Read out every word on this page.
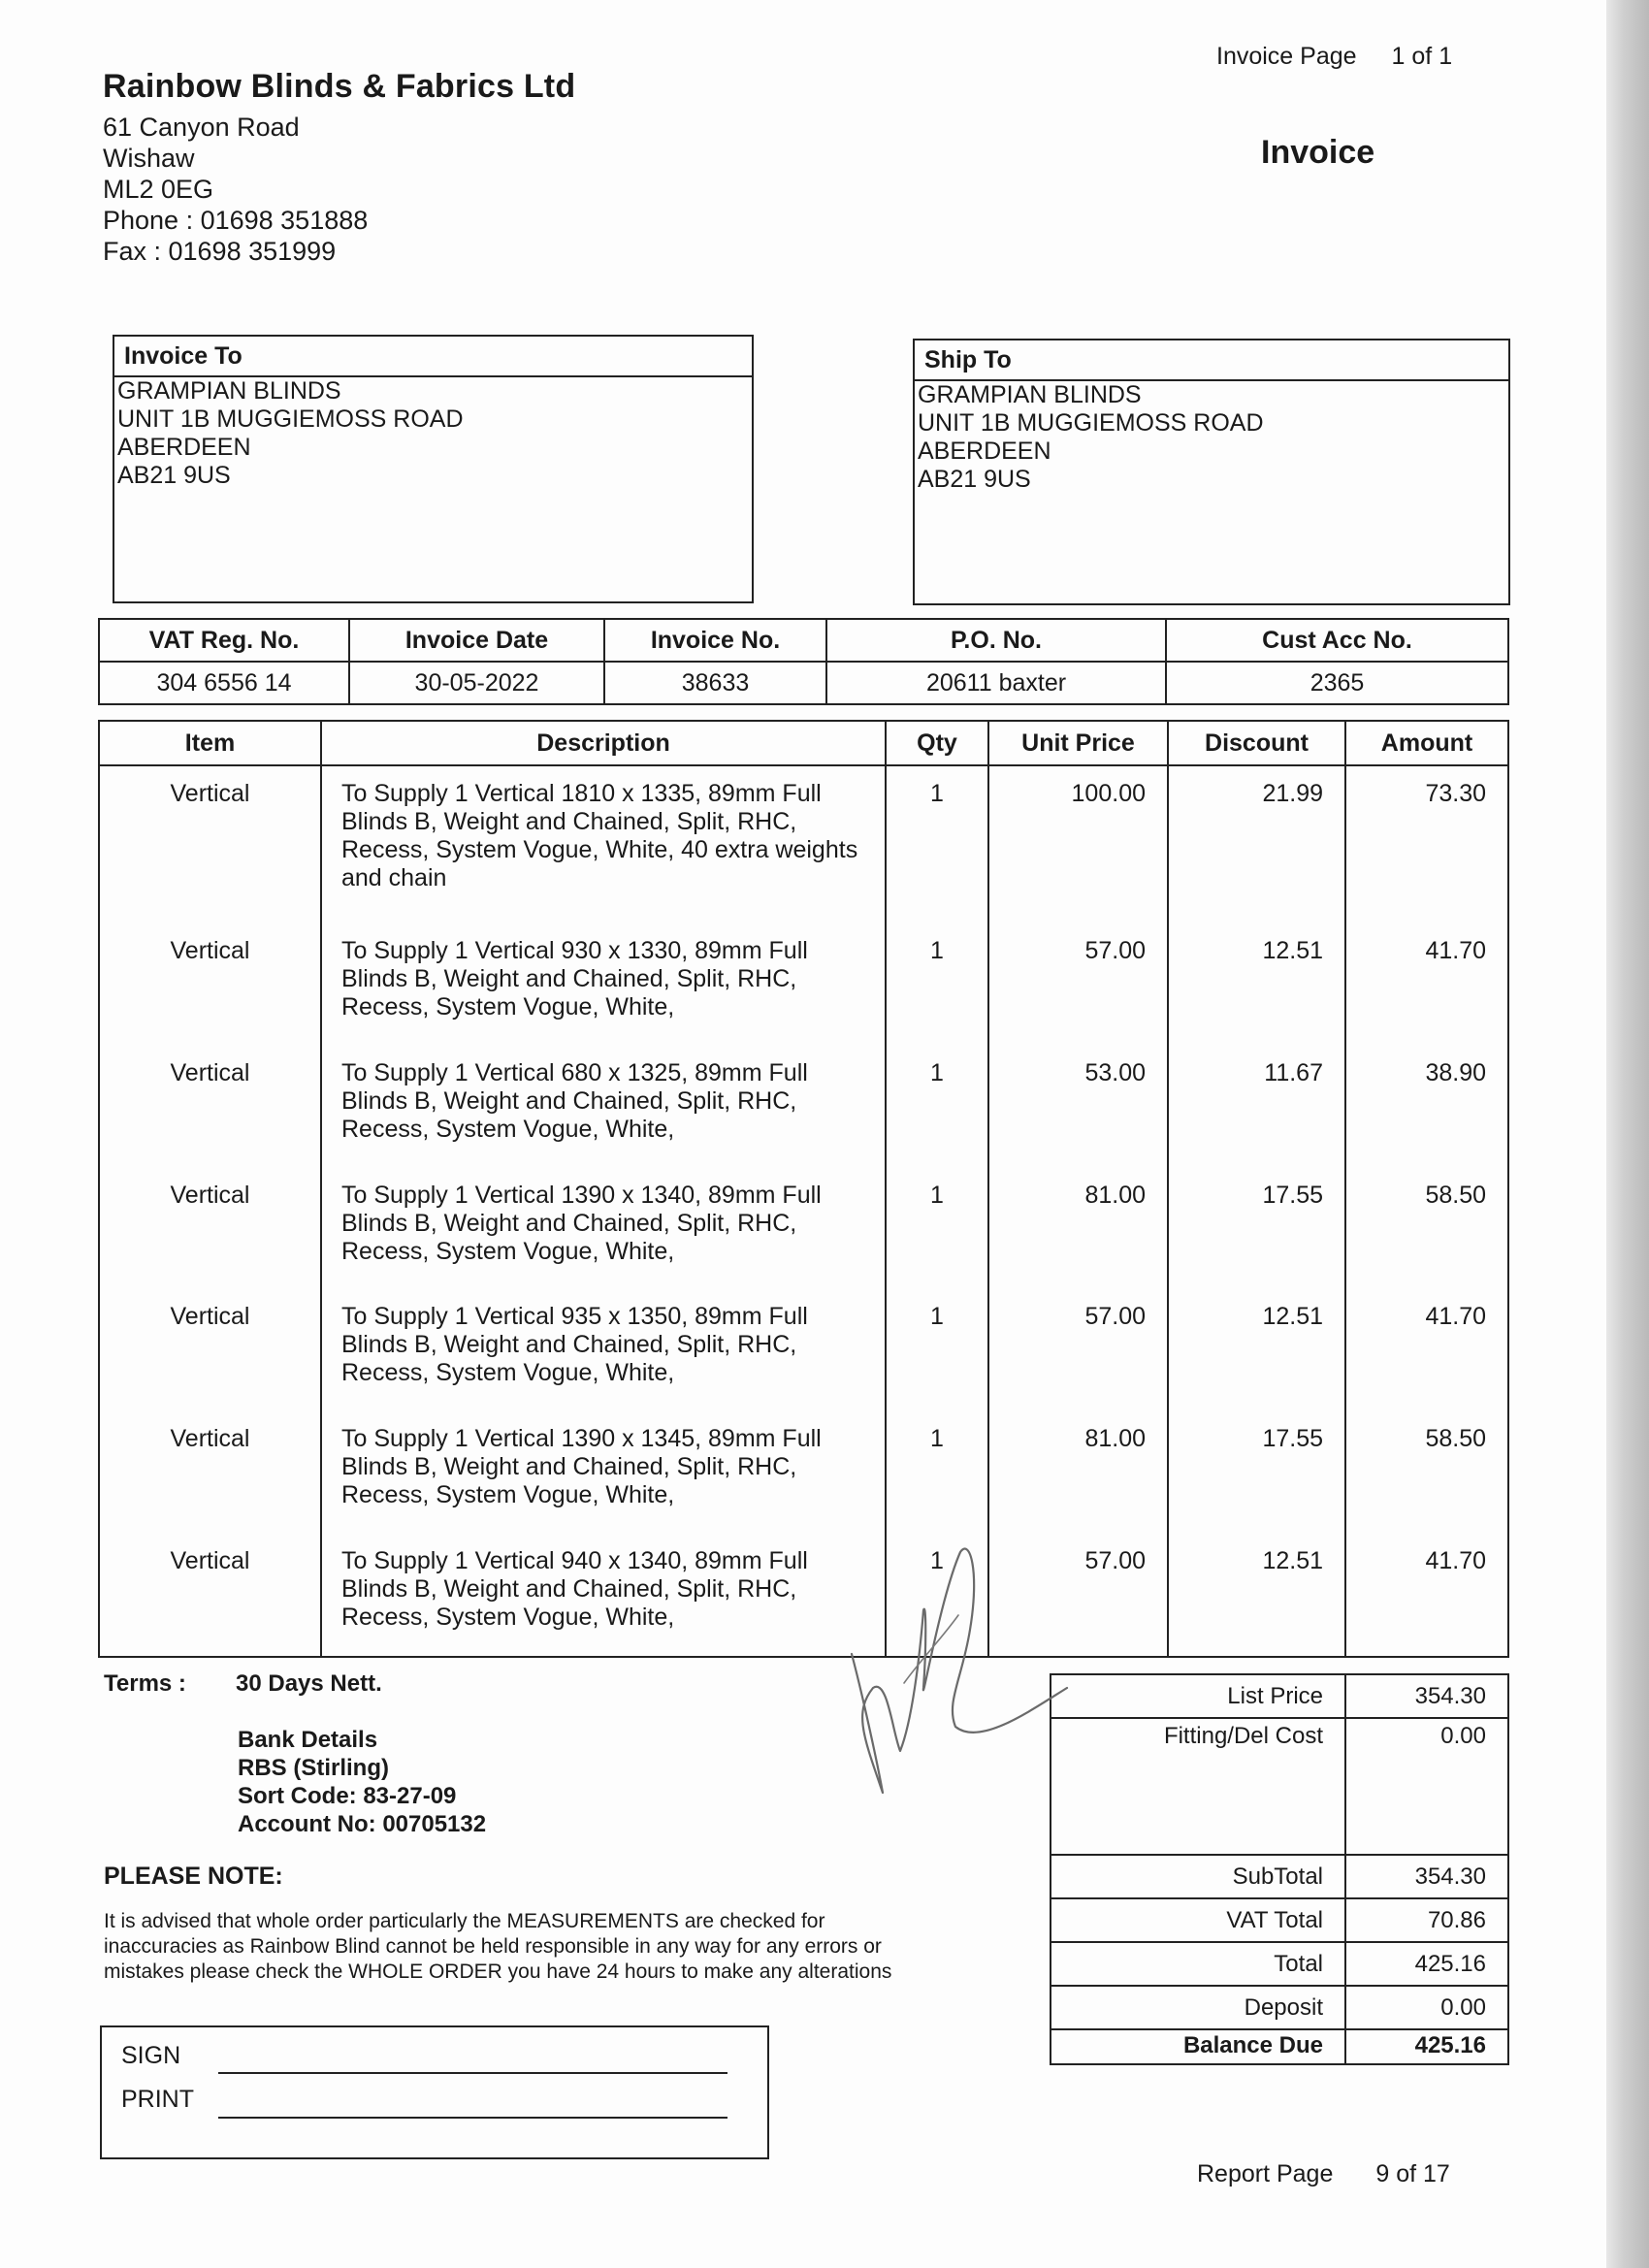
Rainbow Blinds & Fabrics Ltd
61 Canyon Road
Wishaw
ML2 0EG
Phone : 01698 351888
Fax : 01698 351999
Invoice Page 1 of 1
Invoice
Invoice To
GRAMPIAN BLINDS
UNIT 1B MUGGIEMOSS ROAD
ABERDEEN
AB21 9US
Ship To
GRAMPIAN BLINDS
UNIT 1B MUGGIEMOSS ROAD
ABERDEEN
AB21 9US
VAT Reg. No.	Invoice Date	Invoice No.	P.O. No.	Cust Acc No.
304 6556 14	30-05-2022	38633	20611 baxter	2365
Item	Description	Qty	Unit Price	Discount	Amount
Vertical	To Supply 1 Vertical 1810 x 1335, 89mm Full
Blinds B, Weight and Chained, Split, RHC,
Recess, System Vogue, White, 40 extra weights
and chain	1	100.00	21.99	73.30
Vertical	To Supply 1 Vertical 930 x 1330, 89mm Full
Blinds B, Weight and Chained, Split, RHC,
Recess, System Vogue, White,	1	57.00	12.51	41.70
Vertical	To Supply 1 Vertical 680 x 1325, 89mm Full
Blinds B, Weight and Chained, Split, RHC,
Recess, System Vogue, White,	1	53.00	11.67	38.90
Vertical	To Supply 1 Vertical 1390 x 1340, 89mm Full
Blinds B, Weight and Chained, Split, RHC,
Recess, System Vogue, White,	1	81.00	17.55	58.50
Vertical	To Supply 1 Vertical 935 x 1350, 89mm Full
Blinds B, Weight and Chained, Split, RHC,
Recess, System Vogue, White,	1	57.00	12.51	41.70
Vertical	To Supply 1 Vertical 1390 x 1345, 89mm Full
Blinds B, Weight and Chained, Split, RHC,
Recess, System Vogue, White,	1	81.00	17.55	58.50
Vertical	To Supply 1 Vertical 940 x 1340, 89mm Full
Blinds B, Weight and Chained, Split, RHC,
Recess, System Vogue, White,	1	57.00	12.51	41.70

Terms : 30 Days Nett.
Bank Details
RBS (Stirling)
Sort Code: 83-27-09
Account No: 00705132
PLEASE NOTE:
It is advised that whole order particularly the MEASUREMENTS are checked for
inaccuracies as Rainbow Blind cannot be held responsible in any way for any errors or
mistakes please check the WHOLE ORDER you have 24 hours to make any alterations
SIGN
PRINT
List Price	354.30
Fitting/Del Cost	0.00
SubTotal	354.30
VAT Total	70.86
Total	425.16
Deposit	0.00
Balance Due	425.16
Report Page 9 of 17
